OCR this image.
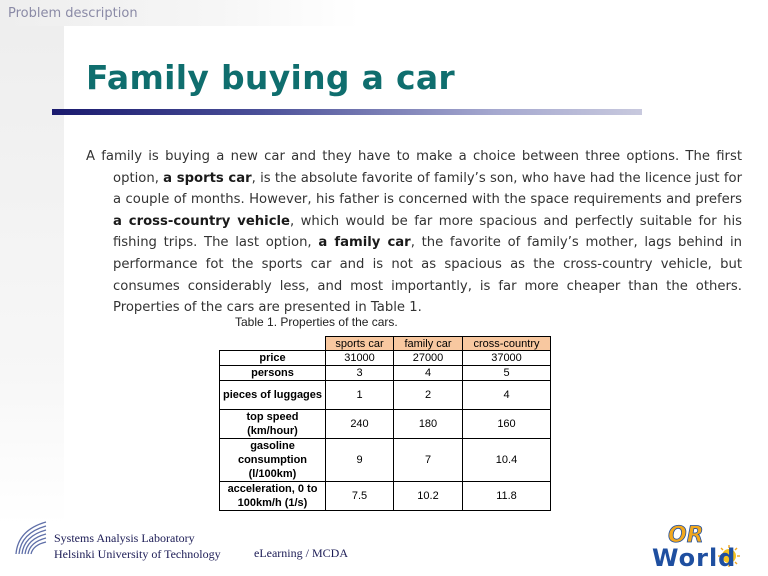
Problem description
Family buying a car

A family is buying a new car and they have to make a choice between three options. The first option, a sports car, is the absolute favorite of family’s son, who have had the licence just for a couple of months. However, his father is concerned with the space requirements and prefers a cross-country vehicle, which would be far more spacious and perfectly suitable for his fishing trips. The last option, a family car, the favorite of family’s mother, lags behind in performance fot the sports car and is not as spacious as the cross-country vehicle, but consumes considerably less, and most importantly, is far more cheaper than the others. Properties of the cars are presented in Table 1.

Table 1. Properties of the cars.
	sports car	family car	cross-country
price	31000	27000	37000
persons	3	4	5
pieces of luggages	1	2	4
top speed (km/hour)	240	180	160
gasoline consumption (l/100km)	9	7	10.4
acceleration, 0 to 100km/h (1/s)	7.5	10.2	11.8
Systems Analysis Laboratory
Helsinki University of Technology	eLearning / MCDA
OR
World
